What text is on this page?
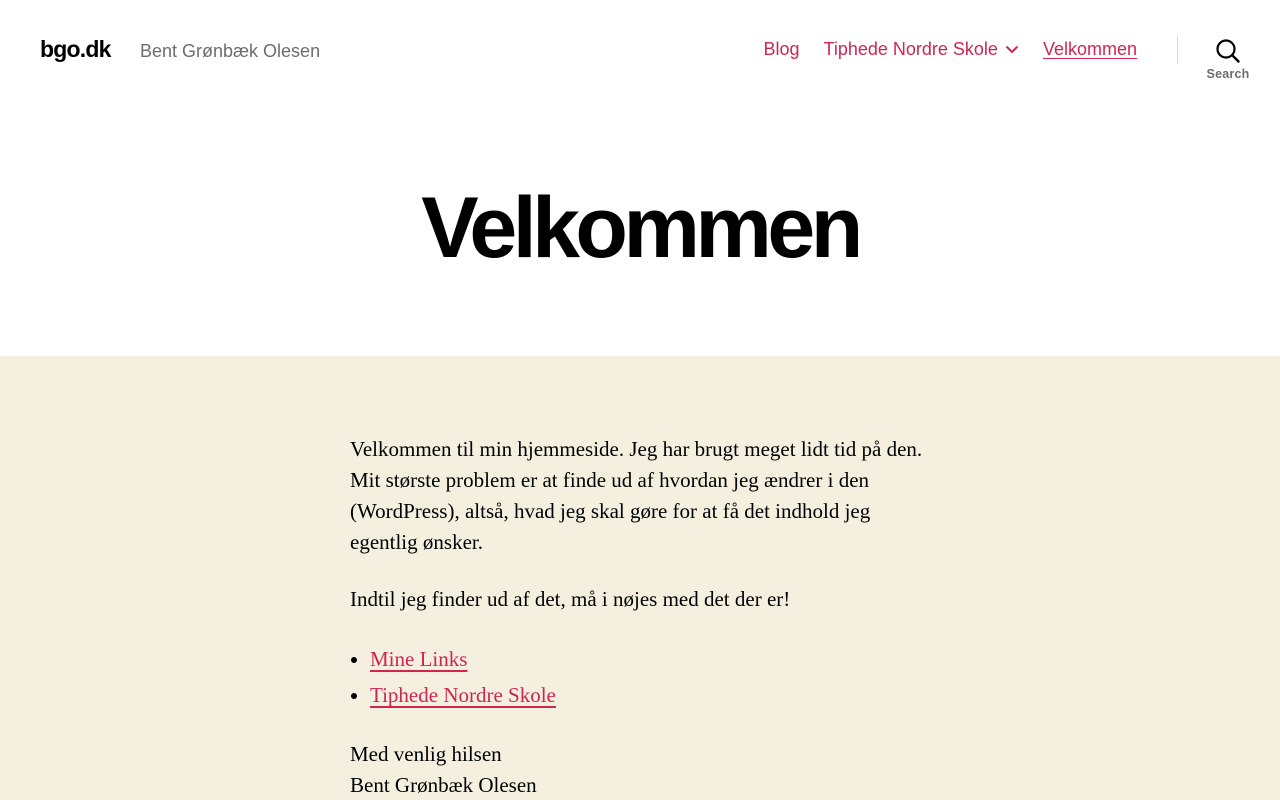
bgo.dk Bent Grønbæk Olesen	Blog Tiphede Nordre Skole	Velkommen
Search
Velkommen

Velkommen til min hjemmeside. Jeg har brugt meget lidt tid på den. Mit største problem er at finde ud af hvordan jeg ændrer i den (WordPress), altså, hvad jeg skal gøre for at få det indhold jeg egentlig ønsker.

Indtil jeg finder ud af det, må i nøjes med det der er!

• Mine Links
• Tiphede Nordre Skole

Med venlig hilsen
Bent Grønbæk Olesen
